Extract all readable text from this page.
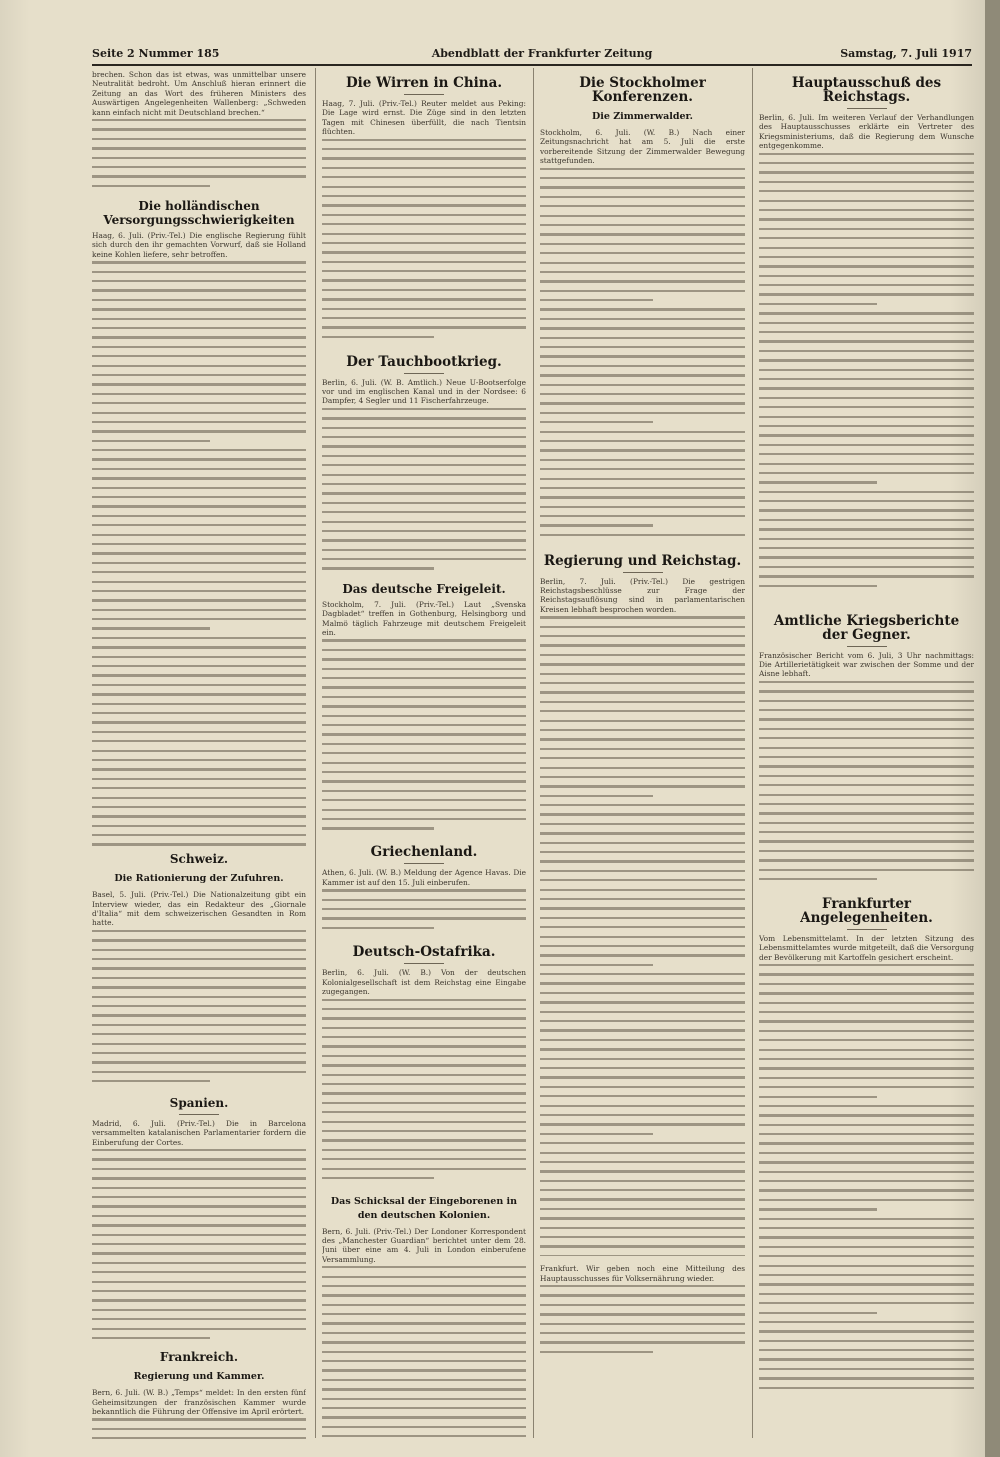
Seite 2 Nummer 185	Abendblatt der Frankfurter Zeitung	Samstag, 7. Juli 1917

brechen. Schon das ist etwas, was unmittelbar unsere Neutralität bedroht. Um Anschluß hieran erinnert die Zeitung an das Wort des früheren Ministers des Auswärtigen Angelegenheiten Wallenberg: „Schweden kann einfach nicht mit Deutschland brechen.“

Die holländischen Versorgungsschwierigkeiten

Haag, 6. Juli. (Priv.-Tel.) Die englische Regierung fühlt sich durch den ihr gemachten Vorwurf, daß sie Holland keine Kohlen liefere, sehr betroffen.

Schweiz.
Die Rationierung der Zufuhren.

Basel, 5. Juli. (Priv.-Tel.) Die Nationalzeitung gibt ein Interview wieder, das ein Redakteur des „Giornale d'Italia“ mit dem schweizerischen Gesandten in Rom hatte.

Spanien.

Madrid, 6. Juli. (Priv.-Tel.) Die in Barcelona versammelten katalanischen Parlamentarier fordern die Einberufung der Cortes.

Frankreich.
Regierung und Kammer.

Bern, 6. Juli. (W. B.) „Temps“ meldet: In den ersten fünf Geheimsitzungen der französischen Kammer wurde bekanntlich die Führung der Offensive im April erörtert.

Die Wirren in China.

Haag, 7. Juli. (Priv.-Tel.) Reuter meldet aus Peking: Die Lage wird ernst. Die Züge sind in den letzten Tagen mit Chinesen überfüllt, die nach Tientsin flüchten.

Der Tauchbootkrieg.

Berlin, 6. Juli. (W. B. Amtlich.) Neue U-Bootserfolge vor und im englischen Kanal und in der Nordsee: 6 Dampfer, 4 Segler und 11 Fischerfahrzeuge.

Das deutsche Freigeleit.

Stockholm, 7. Juli. (Priv.-Tel.) Laut „Svenska Dagbladet“ treffen in Gothenburg, Helsingborg und Malmö täglich Fahrzeuge mit deutschem Freigeleit ein.

Griechenland.

Athen, 6. Juli. (W. B.) Meldung der Agence Havas. Die Kammer ist auf den 15. Juli einberufen.

Deutsch-Ostafrika.

Berlin, 6. Juli. (W. B.) Von der deutschen Kolonialgesellschaft ist dem Reichstag eine Eingabe zugegangen.

Das Schicksal der Eingeborenen in den deutschen Kolonien.

Bern, 6. Juli. (Priv.-Tel.) Der Londoner Korrespondent des „Manchester Guardian“ berichtet unter dem 28. Juni über eine am 4. Juli in London einberufene Versammlung.

Die Stockholmer Konferenzen.
Die Zimmerwalder.

Stockholm, 6. Juli. (W. B.) Nach einer Zeitungsnachricht hat am 5. Juli die erste vorbereitende Sitzung der Zimmerwalder Bewegung stattgefunden.

Regierung und Reichstag.

Berlin, 7. Juli. (Priv.-Tel.) Die gestrigen Reichstagsbeschlüsse zur Frage der Reichstagsauflösung sind in parlamentarischen Kreisen lebhaft besprochen worden.

Frankfurt. Wir geben noch eine Mitteilung des Hauptausschusses für Volksernährung wieder.

Hauptausschuß des Reichstags.

Berlin, 6. Juli. Im weiteren Verlauf der Verhandlungen des Hauptausschusses erklärte ein Vertreter des Kriegsministeriums, daß die Regierung dem Wunsche entgegenkomme.

Amtliche Kriegsberichte der Gegner.

Französischer Bericht vom 6. Juli, 3 Uhr nachmittags: Die Artillerietätigkeit war zwischen der Somme und der Aisne lebhaft.

Frankfurter Angelegenheiten.

Vom Lebensmittelamt. In der letzten Sitzung des Lebensmittelamtes wurde mitgeteilt, daß die Versorgung der Bevölkerung mit Kartoffeln gesichert erscheint.
